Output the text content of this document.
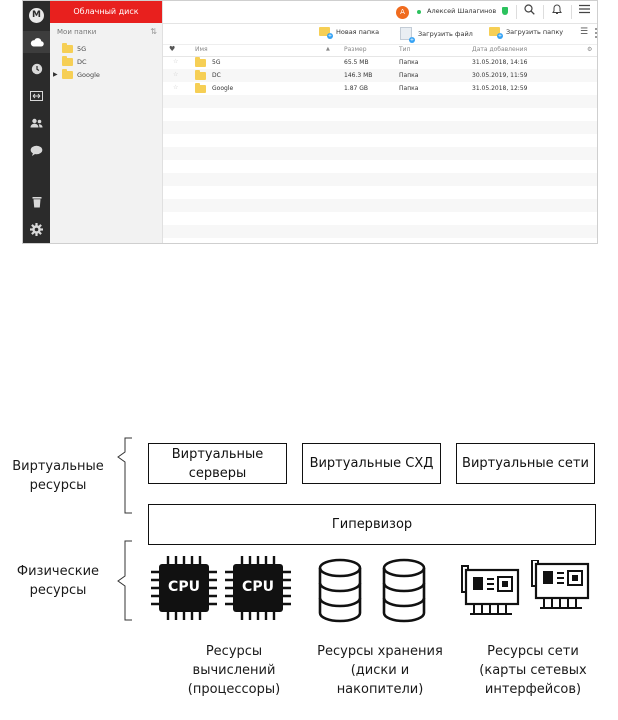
M	Облачный диск
Мои папки	⇅
5G
DC
▶	Google
А	Алексей Шалагинов
+
Новая папка
+
Загрузить файл	+
Загрузить папку ☰
♥	Имя	▲ Размер	Тип	Дата добавления	⚙
☆	5G	65.5 MB	Папка	31.05.2018, 14:16
☆	DC	146.3 MB	Папка	30.05.2019, 11:59
☆	Google	1.87 GB	Папка	31.05.2018, 12:59
Виртуальные ресурсы
Физические ресурсы
Виртуальные серверы
Виртуальные СХД	Виртуальные сети
Гипервизор
CPU	CPU
Ресурсы вычислений (процессоры)
Ресурсы хранения (диски и накопители)
Ресурсы сети (карты сетевых интерфейсов)
